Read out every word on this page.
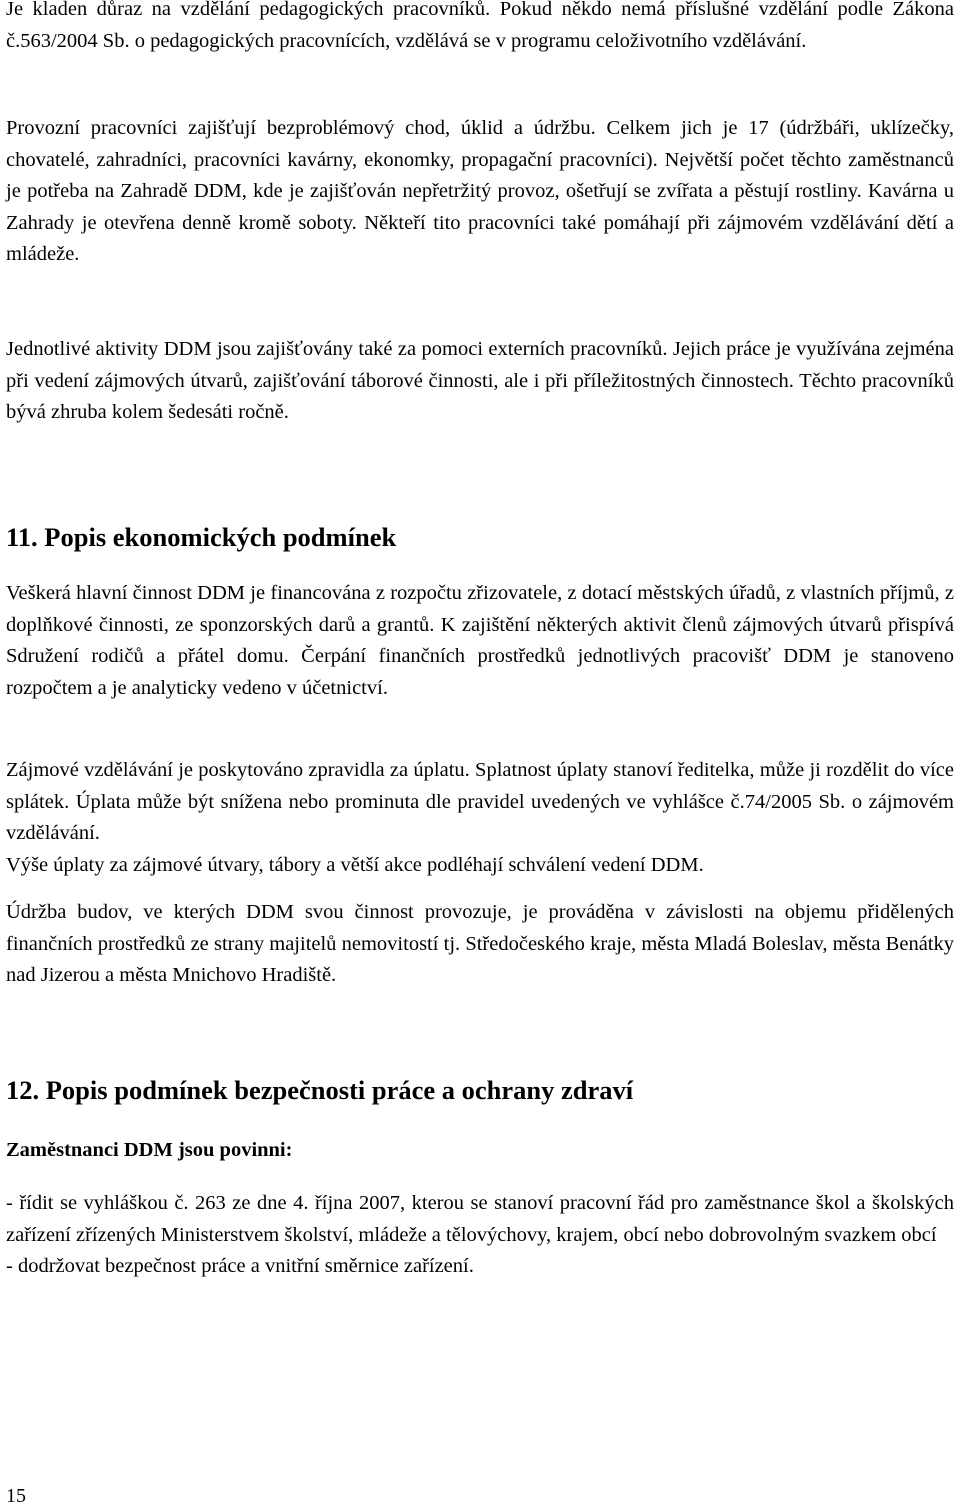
Je kladen důraz na vzdělání pedagogických pracovníků. Pokud někdo nemá příslušné vzdělání podle Zákona č.563/2004 Sb. o pedagogických pracovnících, vzdělává se v programu celoživotního vzdělávání.

Provozní pracovníci zajišťují bezproblémový chod, úklid a údržbu. Celkem jich je 17 (údržbáři, uklízečky, chovatelé, zahradníci, pracovníci kavárny, ekonomky, propagační pracovníci). Největší počet těchto zaměstnanců je potřeba na Zahradě DDM, kde je zajišťován nepřetržitý provoz, ošetřují se zvířata a pěstují rostliny. Kavárna u Zahrady je otevřena denně kromě soboty. Někteří tito pracovníci také pomáhají při zájmovém vzdělávání dětí a mládeže.

Jednotlivé aktivity DDM jsou zajišťovány také za pomoci externích pracovníků. Jejich práce je využívána zejména při vedení zájmových útvarů, zajišťování táborové činnosti, ale i při příležitostných činnostech. Těchto pracovníků bývá zhruba kolem šedesáti ročně.

11. Popis ekonomických podmínek

Veškerá hlavní činnost DDM je financována z rozpočtu zřizovatele, z dotací městských úřadů, z vlastních příjmů, z doplňkové činnosti, ze sponzorských darů a grantů. K zajištění některých aktivit členů zájmových útvarů přispívá Sdružení rodičů a přátel domu. Čerpání finančních prostředků jednotlivých pracovišť DDM je stanoveno rozpočtem a je analyticky vedeno v účetnictví.

Zájmové vzdělávání je poskytováno zpravidla za úplatu. Splatnost úplaty stanoví ředitelka, může ji rozdělit do více splátek. Úplata může být snížena nebo prominuta dle pravidel uvedených ve vyhlášce č.74/2005 Sb. o zájmovém vzdělávání.

Výše úplaty za zájmové útvary, tábory a větší akce podléhají schválení vedení DDM.

Údržba budov, ve kterých DDM svou činnost provozuje, je prováděna v závislosti na objemu přidělených finančních prostředků ze strany majitelů nemovitostí tj. Středočeského kraje, města Mladá Boleslav, města Benátky nad Jizerou a města Mnichovo Hradiště.

12. Popis podmínek bezpečnosti práce a ochrany zdraví

Zaměstnanci DDM jsou povinni:

- řídit se vyhláškou č. 263 ze dne 4. října 2007, kterou se stanoví pracovní řád pro zaměstnance škol a školských zařízení zřízených Ministerstvem školství, mládeže a tělovýchovy, krajem, obcí nebo dobrovolným svazkem obcí

- dodržovat bezpečnost práce a vnitřní směrnice zařízení.

15
